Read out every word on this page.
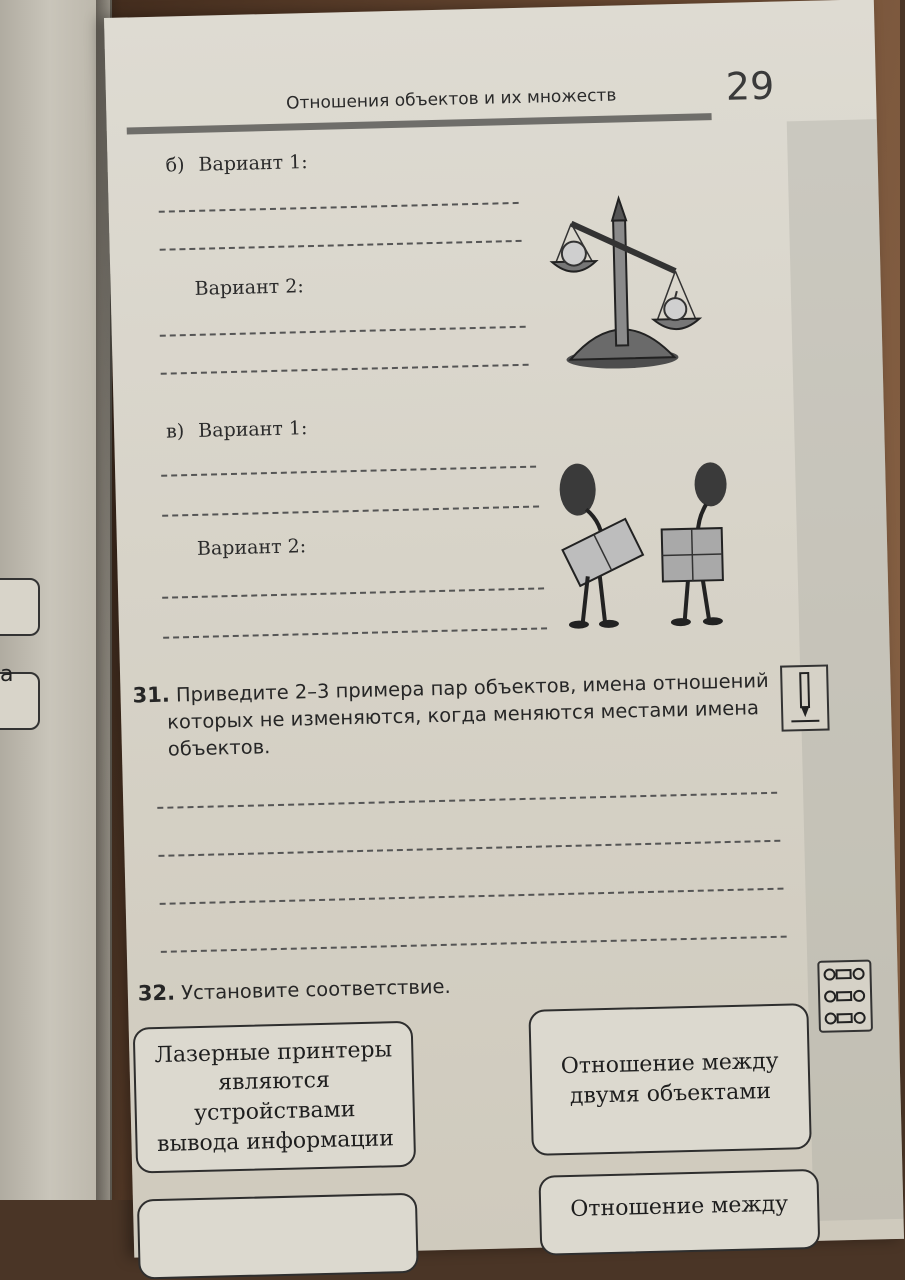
а
Отношения объектов и их множеств	29
б) Вариант 1:
Вариант 2:
в) Вариант 1:
Вариант 2:
31. Приведите 2–3 примера пар объектов, имена отношений
которых не изменяются, когда меняются местами имена
объектов.
32. Установите соответствие.
Лазерные принтеры
являются устройствами
вывода информации
Отношение между
двумя объектами
Отношение между
